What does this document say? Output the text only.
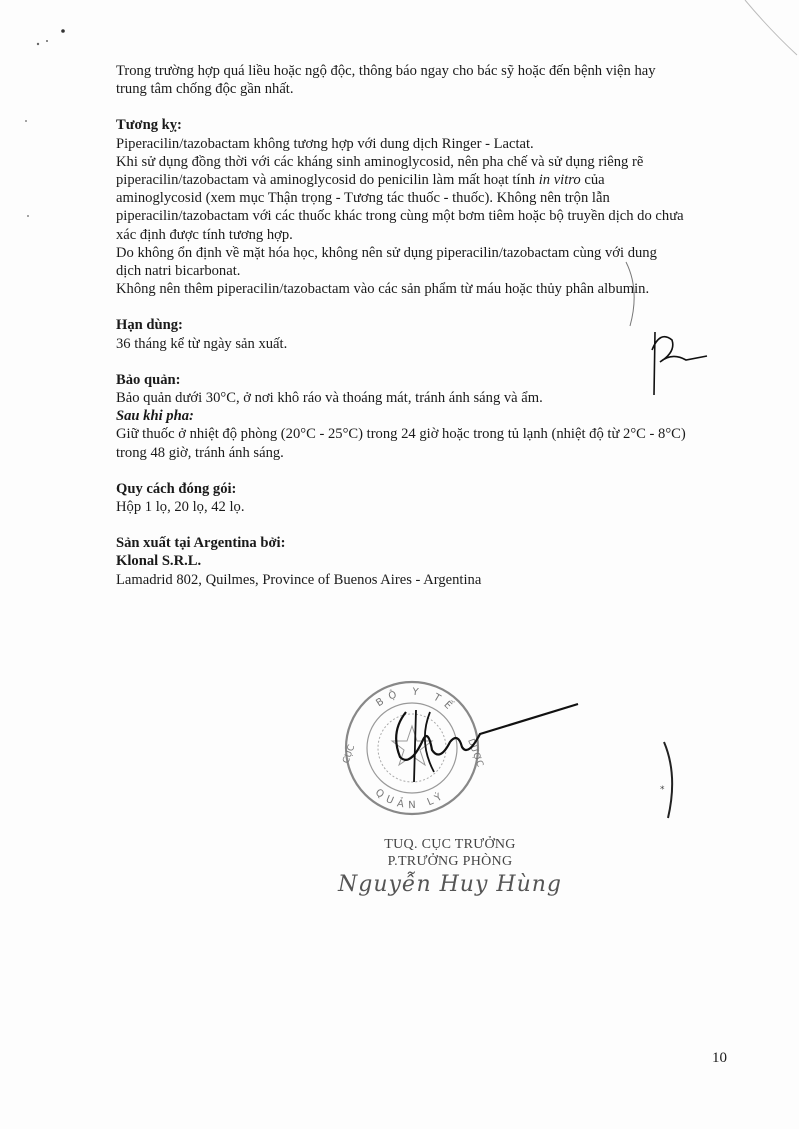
*

Trong trường hợp quá liều hoặc ngộ độc, thông báo ngay cho bác sỹ hoặc đến bệnh viện hay
trung tâm chống độc gần nhất.

Tương kỵ:

Piperacilin/tazobactam không tương hợp với dung dịch Ringer - Lactat.
Khi sử dụng đồng thời với các kháng sinh aminoglycosid, nên pha chế và sử dụng riêng rẽ
piperacilin/tazobactam và aminoglycosid do penicilin làm mất hoạt tính in vitro của
aminoglycosid (xem mục Thận trọng - Tương tác thuốc - thuốc). Không nên trộn lẫn
piperacilin/tazobactam với các thuốc khác trong cùng một bơm tiêm hoặc bộ truyền dịch do chưa
xác định được tính tương hợp.
Do không ổn định về mặt hóa học, không nên sử dụng piperacilin/tazobactam cùng với dung
dịch natri bicarbonat.
Không nên thêm piperacilin/tazobactam vào các sản phẩm từ máu hoặc thủy phân albumin.

Hạn dùng:

36 tháng kể từ ngày sản xuất.

Bảo quản:

Bảo quản dưới 30°C, ở nơi khô ráo và thoáng mát, tránh ánh sáng và ẩm.

Sau khi pha:

Giữ thuốc ở nhiệt độ phòng (20°C - 25°C) trong 24 giờ hoặc trong tủ lạnh (nhiệt độ từ 2°C - 8°C)
trong 48 giờ, tránh ánh sáng.

Quy cách đóng gói:

Hộp 1 lọ, 20 lọ, 42 lọ.

Sản xuất tại Argentina bởi:

Klonal S.R.L.

Lamadrid 802, Quilmes, Province of Buenos Aires - Argentina

BỘ Y TẾ
CỤC
QUẢN LÝ
DƯỢC
TUQ. CỤC TRƯỞNG
P.TRƯỞNG PHÒNG
Nguyễn Huy Hùng
10
